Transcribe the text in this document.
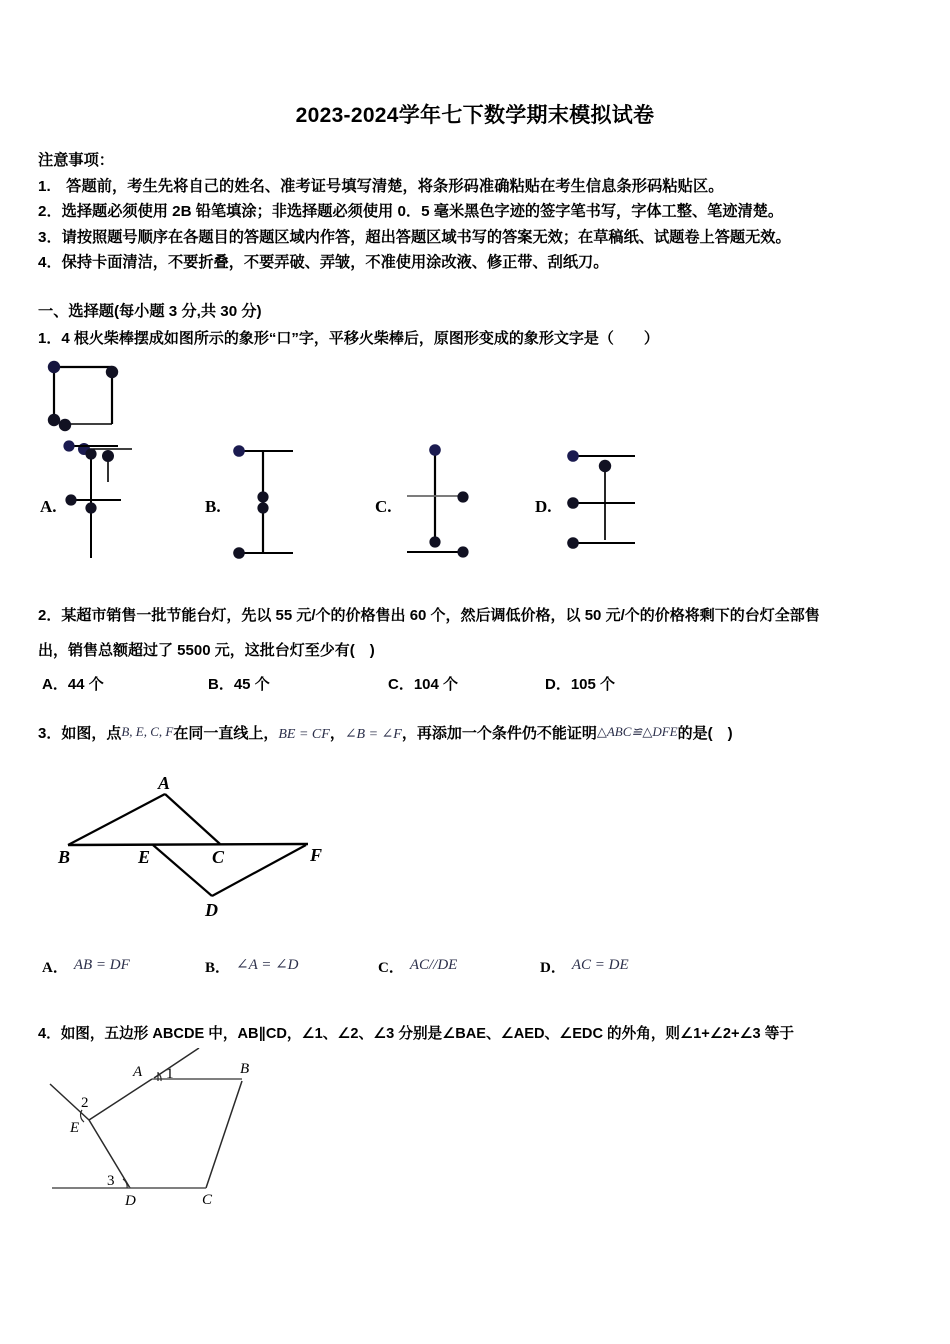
2023-2024学年七下数学期末模拟试卷
注意事项：
1.　答题前，考生先将自己的姓名、准考证号填写清楚，将条形码准确粘贴在考生信息条形码粘贴区。
2．选择题必须使用 2B 铅笔填涂；非选择题必须使用 0．5 毫米黑色字迹的签字笔书写，字体工整、笔迹清楚。
3．请按照题号顺序在各题目的答题区域内作答，超出答题区域书写的答案无效；在草稿纸、试题卷上答题无效。
4．保持卡面清洁，不要折叠，不要弄破、弄皱，不准使用涂改液、修正带、刮纸刀。
一、选择题(每小题 3 分,共 30 分)
1．4 根火柴棒摆成如图所示的象形“口”字，平移火柴棒后，原图形变成的象形文字是（　　）
A.	B.	C.	D.
2．某超市销售一批节能台灯，先以 55 元/个的价格售出 60 个，然后调低价格，以 50 元/个的价格将剩下的台灯全部售
出，销售总额超过了 5500 元，这批台灯至少有(　)
A．44 个	B．45 个	C．104 个	D．105 个
3．如图，点B, E, C, F在同一直线上，BE = CF，∠B = ∠F，再添加一个条件仍不能证明△ABC≌△DFE的是(　)
B	E	C	F
A
D
A． AB = DF	B． ∠A = ∠D	C． AC//DE	D． AC = DE
4．如图，五边形 ABCDE 中，AB∥CD，∠1、∠2、∠3 分别是∠BAE、∠AED、∠EDC 的外角，则∠1+∠2+∠3 等于
A	B
C
D
E
1
2
3
